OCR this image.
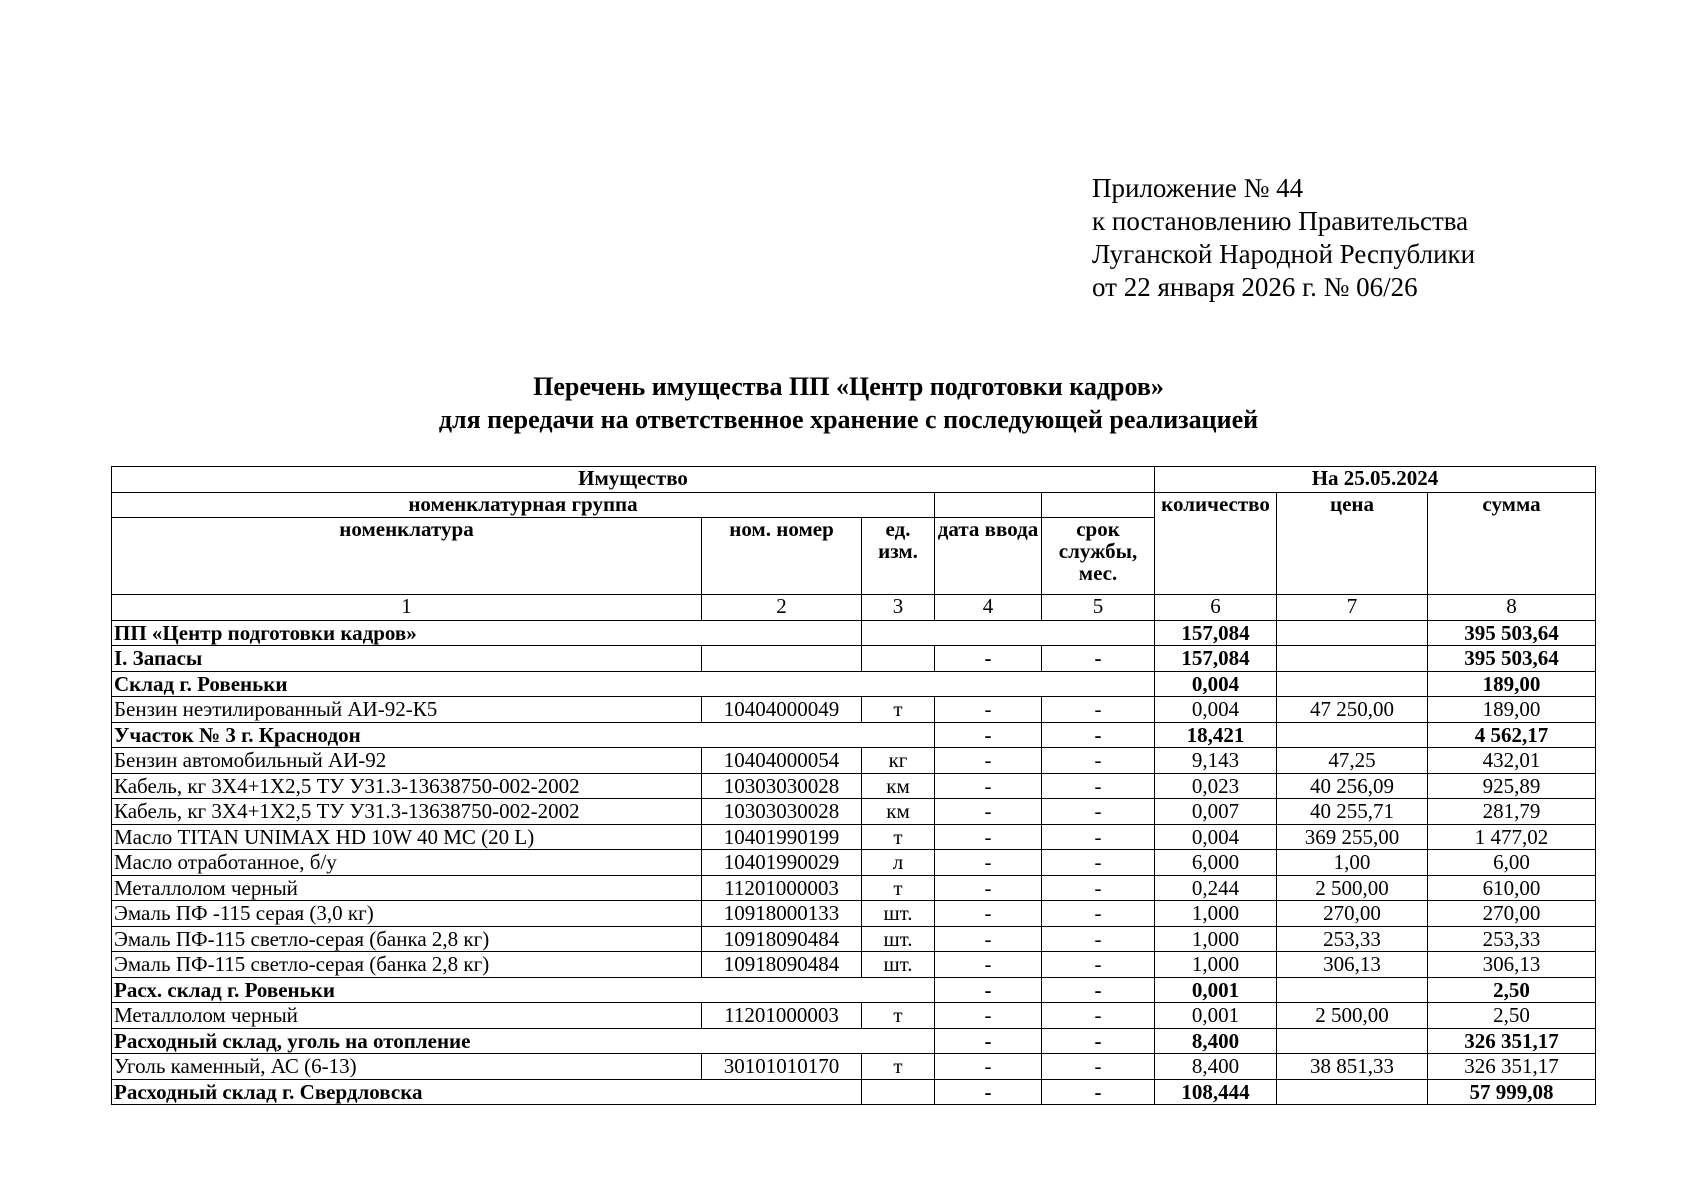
Приложение № 44
к постановлению Правительства
Луганской Народной Республики
от 22 января 2026 г. № 06/26
Перечень имущества ПП «Центр подготовки кадров»
для передачи на ответственное хранение с последующей реализацией
Имущество					На 25.05.2024		
номенклатурная группа					количество	цена	сумма
номенклатура	ном. номер	ед. изм.	дата ввода	срок службы, мес.			
1	2	3	4	5	6	7	8
ПП «Центр подготовки кадров»					157,084		395 503,64
I. Запасы			-	-	157,084		395 503,64
Склад г. Ровеньки					0,004		189,00
Бензин неэтилированный АИ-92-К5	10404000049	т	-	-	0,004	47 250,00	189,00
Участок № 3 г. Краснодон			-	-	18,421		4 562,17
Бензин автомобильный АИ-92	10404000054	кг	-	-	9,143	47,25	432,01
Кабель, кг 3Х4+1Х2,5 ТУ У31.3-13638750-002-2002	10303030028	км	-	-	0,023	40 256,09	925,89
Кабель, кг 3Х4+1Х2,5 ТУ У31.3-13638750-002-2002	10303030028	км	-	-	0,007	40 255,71	281,79
Масло TITAN UNIMAX HD 10W 40 MC (20 L)	10401990199	т	-	-	0,004	369 255,00	1 477,02
Масло отработанное, б/у	10401990029	л	-	-	6,000	1,00	6,00
Металлолом черный	11201000003	т	-	-	0,244	2 500,00	610,00
Эмаль ПФ -115 серая (3,0 кг)	10918000133	шт.	-	-	1,000	270,00	270,00
Эмаль ПФ-115 светло-серая (банка 2,8 кг)	10918090484	шт.	-	-	1,000	253,33	253,33
Эмаль ПФ-115 светло-серая (банка 2,8 кг)	10918090484	шт.	-	-	1,000	306,13	306,13
Расх. склад г. Ровеньки			-	-	0,001		2,50
Металлолом черный	11201000003	т	-	-	0,001	2 500,00	2,50
Расходный склад, уголь на отопление			-	-	8,400		326 351,17
Уголь каменный, АС (6-13)	30101010170	т	-	-	8,400	38 851,33	326 351,17
Расходный склад г. Свердловска			-	-	108,444		57 999,08
